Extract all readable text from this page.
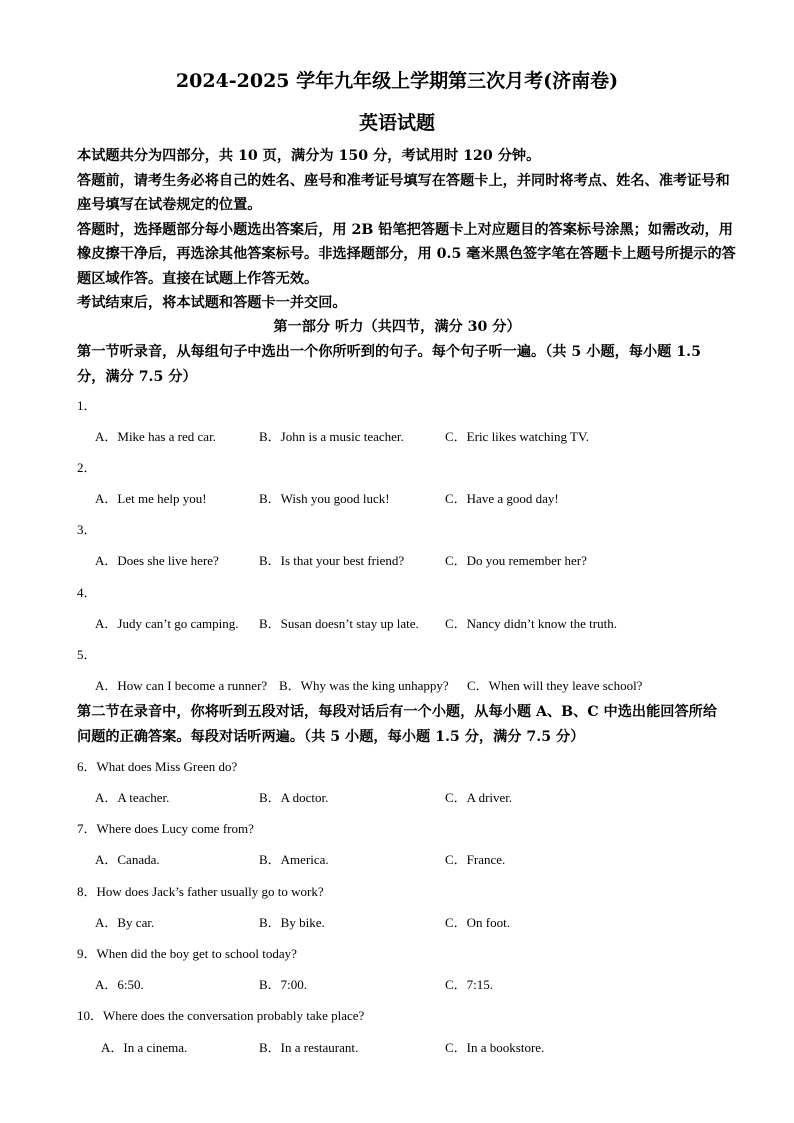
2024-2025 学年九年级上学期第三次月考(济南卷)
英语试题

本试题共分为四部分，共 10 页，满分为 150 分，考试用时 120 分钟。

答题前，请考生务必将自己的姓名、座号和准考证号填写在答题卡上，并同时将考点、姓名、准考证号和座号填写在试卷规定的位置。

答题时，选择题部分每小题选出答案后，用 2B 铅笔把答题卡上对应题目的答案标号涂黑；如需改动，用橡皮擦干净后，再选涂其他答案标号。非选择题部分，用 0.5 毫米黑色签字笔在答题卡上题号所提示的答题区域作答。直接在试题上作答无效。

考试结束后，将本试题和答题卡一并交回。

第一部分 听力（共四节，满分 30 分）
第一节听录音，从每组句子中选出一个你所听到的句子。每个句子听一遍。（共 5 小题，每小题 1.5 分，满分 7.5 分）
1．
A．Mike has a red car.	B．John is a music teacher.	C．Eric likes watching TV.
2．
A．Let me help you!	B．Wish you good luck!	C．Have a good day!
3．
A．Does she live here?	B．Is that your best friend?	C．Do you remember her?
4．
A．Judy can’t go camping. B．Susan doesn’t stay up late. C．Nancy didn’t know the truth.
5．
A．How can I become a runner? B．Why was the king unhappy? C．When will they leave school?
第二节在录音中，你将听到五段对话，每段对话后有一个小题，从每小题 A、B、C 中选出能回答所给问题的正确答案。每段对话听两遍。（共 5 小题，每小题 1.5 分，满分 7.5 分）
6．What does Miss Green do?
A．A teacher.	B．A doctor.	C．A driver.
7．Where does Lucy come from?
A．Canada.	B．America.	C．France.
8．How does Jack’s father usually go to work?
A．By car.	B．By bike.	C．On foot.
9．When did the boy get to school today?
A．6:50.	B．7:00.	C．7:15.
10．Where does the conversation probably take place?
A．In a cinema.	B．In a restaurant.	C．In a bookstore.
